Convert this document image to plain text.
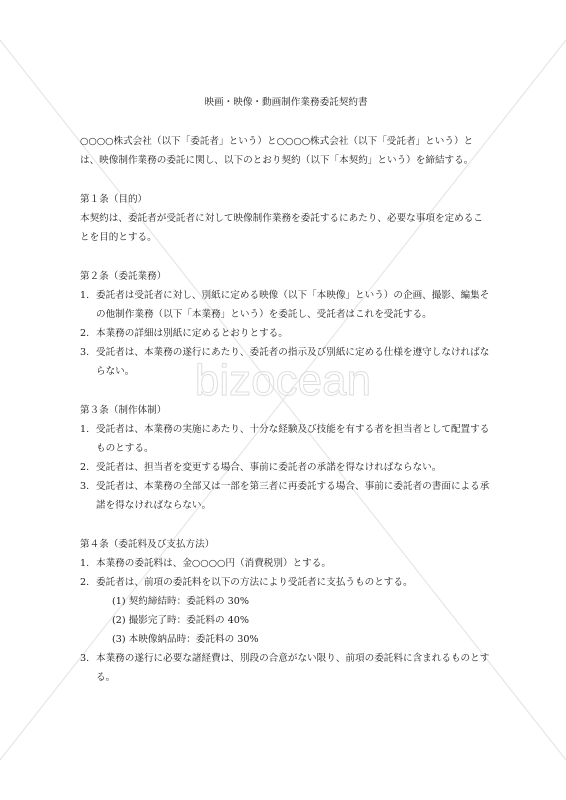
bizocean
映画・映像・動画制作業務委託契約書

○○○○株式会社（以下「委託者」という）と○○○○株式会社（以下「受託者」という）とは、映像制作業務の委託に関し、以下のとおり契約（以下「本契約」という）を締結する。

第１条（目的）

本契約は、委託者が受託者に対して映像制作業務を委託するにあたり、必要な事項を定めることを目的とする。

第２条（委託業務）

1. 委託者は受託者に対し、別紙に定める映像（以下「本映像」という）の企画、撮影、編集その他制作業務（以下「本業務」という）を委託し、受託者はこれを受託する。
2. 本業務の詳細は別紙に定めるとおりとする。
3. 受託者は、本業務の遂行にあたり、委託者の指示及び別紙に定める仕様を遵守しなければならない。

第３条（制作体制）

1. 受託者は、本業務の実施にあたり、十分な経験及び技能を有する者を担当者として配置するものとする。
2. 受託者は、担当者を変更する場合、事前に委託者の承諾を得なければならない。
3. 受託者は、本業務の全部又は一部を第三者に再委託する場合、事前に委託者の書面による承諾を得なければならない。

第４条（委託料及び支払方法）

1. 本業務の委託料は、金○○○○円（消費税別）とする。
2. 委託者は、前項の委託料を以下の方法により受託者に支払うものとする。
(1) 契約締結時：委託料の 30%
(2) 撮影完了時：委託料の 40%
(3) 本映像納品時：委託料の 30%
3. 本業務の遂行に必要な諸経費は、別段の合意がない限り、前項の委託料に含まれるものとする。
